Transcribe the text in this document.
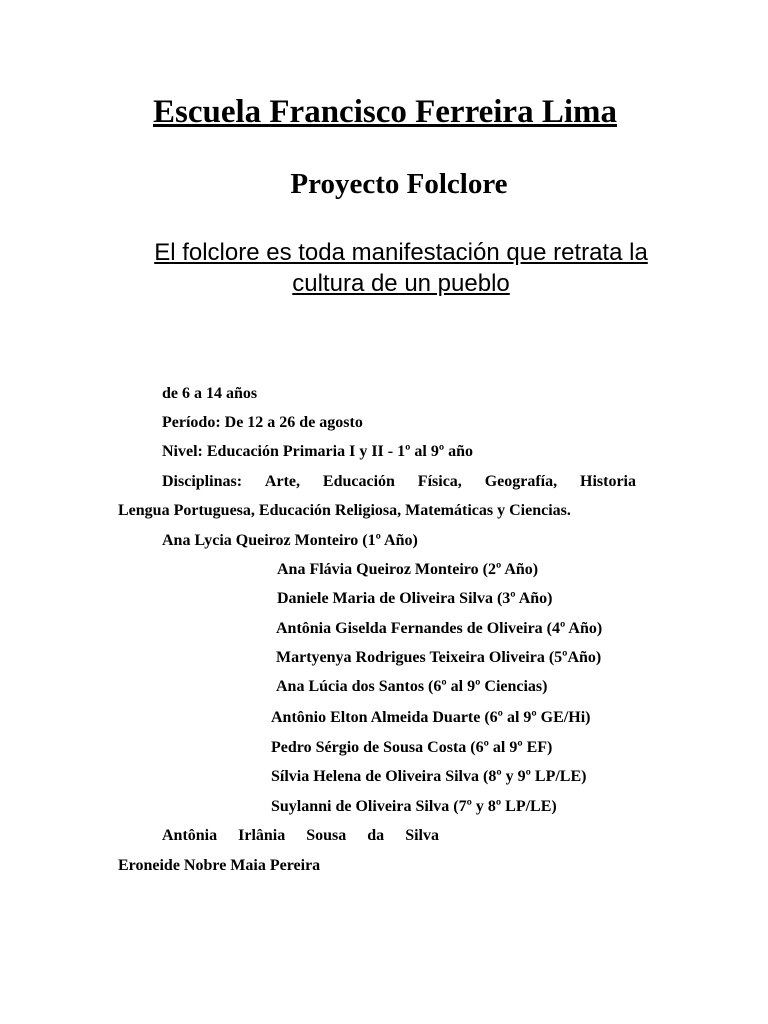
Escuela Francisco Ferreira Lima
Proyecto Folclore
El folclore es toda manifestación que retrata la
cultura de un pueblo
de 6 a 14 años
Período: De 12 a 26 de agosto
Nivel: Educación Primaria I y II - 1º al 9º año
Disciplinas: Arte, Educación Física, Geografía, Historia
Lengua Portuguesa, Educación Religiosa, Matemáticas y Ciencias.
Ana Lycia Queiroz Monteiro (1º Año)
Ana Flávia Queiroz Monteiro (2º Año)
Daniele Maria de Oliveira Silva (3º Año)
Antônia Giselda Fernandes de Oliveira (4º Año)
Martyenya Rodrigues Teixeira Oliveira (5ºAño)
Ana Lúcia dos Santos (6º al 9º Ciencias)
Antônio Elton Almeida Duarte (6º al 9º GE/Hi)
Pedro Sérgio de Sousa Costa (6º al 9º EF)
Sílvia Helena de Oliveira Silva (8º y 9º LP/LE)
Suylanni de Oliveira Silva (7º y 8º LP/LE)
Antônia Irlânia Sousa da Silva
Eroneide Nobre Maia Pereira
